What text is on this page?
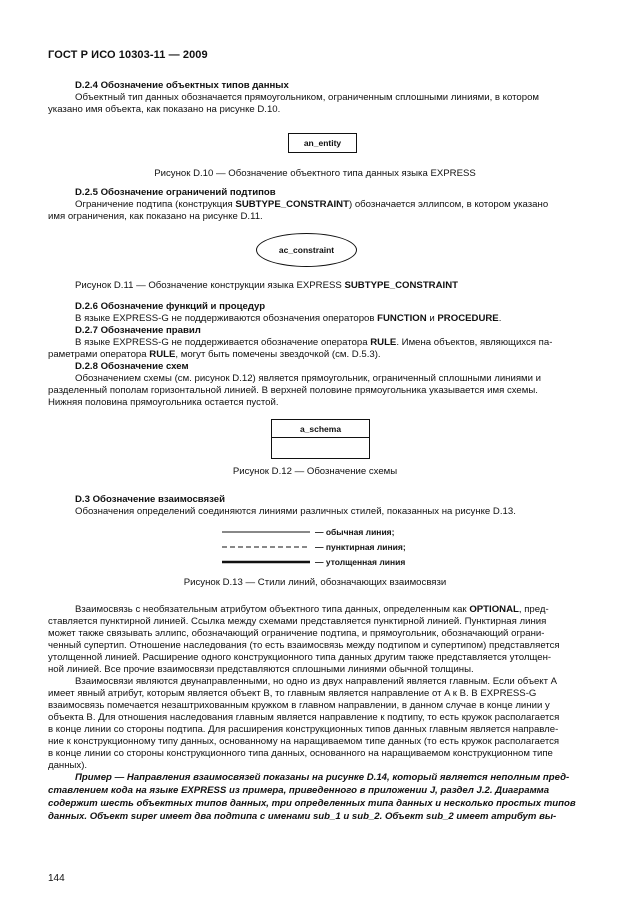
ГОСТ Р ИСО 10303-11 — 2009
D.2.4 Обозначение объектных типов данных
Объектный тип данных обозначается прямоугольником, ограниченным сплошными линиями, в котором
указано имя объекта, как показано на рисунке D.10.
an_entity
Рисунок D.10 — Обозначение объектного типа данных языка EXPRESS
D.2.5 Обозначение ограничений подтипов
Ограничение подтипа (конструкция SUBTYPE_CONSTRAINT) обозначается эллипсом, в котором указано
имя ограничения, как показано на рисунке D.11.
ac_constraint
Рисунок D.11 — Обозначение конструкции языка EXPRESS SUBTYPE_CONSTRAINT
D.2.6 Обозначение функций и процедур
В языке EXPRESS-G не поддерживаются обозначения операторов FUNCTION и PROCEDURE.
D.2.7 Обозначение правил
В языке EXPRESS-G не поддерживается обозначение оператора RULE. Имена объектов, являющихся па-
раметрами оператора RULE, могут быть помечены звездочкой (см. D.5.3).
D.2.8 Обозначение схем
Обозначением схемы (см. рисунок D.12) является прямоугольник, ограниченный сплошными линиями и
разделенный пополам горизонтальной линией. В верхней половине прямоугольника указывается имя схемы.
Нижняя половина прямоугольника остается пустой.
a_schema
Рисунок D.12 — Обозначение схемы
D.3 Обозначение взаимосвязей
Обозначения определений соединяются линиями различных стилей, показанных на рисунке D.13.
— обычная линия;
— пунктирная линия;
— утолщенная линия
Рисунок D.13 — Стили линий, обозначающих взаимосвязи
Взаимосвязь с необязательным атрибутом объектного типа данных, определенным как OPTIONAL, пред-
ставляется пунктирной линией. Ссылка между схемами представляется пунктирной линией. Пунктирная линия
может также связывать эллипс, обозначающий ограничение подтипа, и прямоугольник, обозначающий ограни-
ченный супертип. Отношение наследования (то есть взаимосвязь между подтипом и супертипом) представляется
утолщенной линией. Расширение одного конструкционного типа данных другим также представляется утолщен-
ной линией. Все прочие взаимосвязи представляются сплошными линиями обычной толщины.
Взаимосвязи являются двунаправленными, но одно из двух направлений является главным. Если объект A
имеет явный атрибут, которым является объект B, то главным является направление от A к B. В EXPRESS-G
взаимосвязь помечается незаштрихованным кружком в главном направлении, в данном случае в конце линии у
объекта B. Для отношения наследования главным является направление к подтипу, то есть кружок располагается
в конце линии со стороны подтипа. Для расширения конструкционных типов данных главным является направле-
ние к конструкционному типу данных, основанному на наращиваемом типе данных (то есть кружок располагается
в конце линии со стороны конструкционного типа данных, основанного на наращиваемом конструкционном типе
данных).
Пример — Направления взаимосвязей показаны на рисунке D.14, который является неполным пред-
ставлением кода на языке EXPRESS из примера, приведенного в приложении J, раздел J.2. Диаграмма
содержит шесть объектных типов данных, три определенных типа данных и несколько простых типов
данных. Объект super имеет два подтипа с именами sub_1 и sub_2. Объект sub_2 имеет атрибут вы-
144
